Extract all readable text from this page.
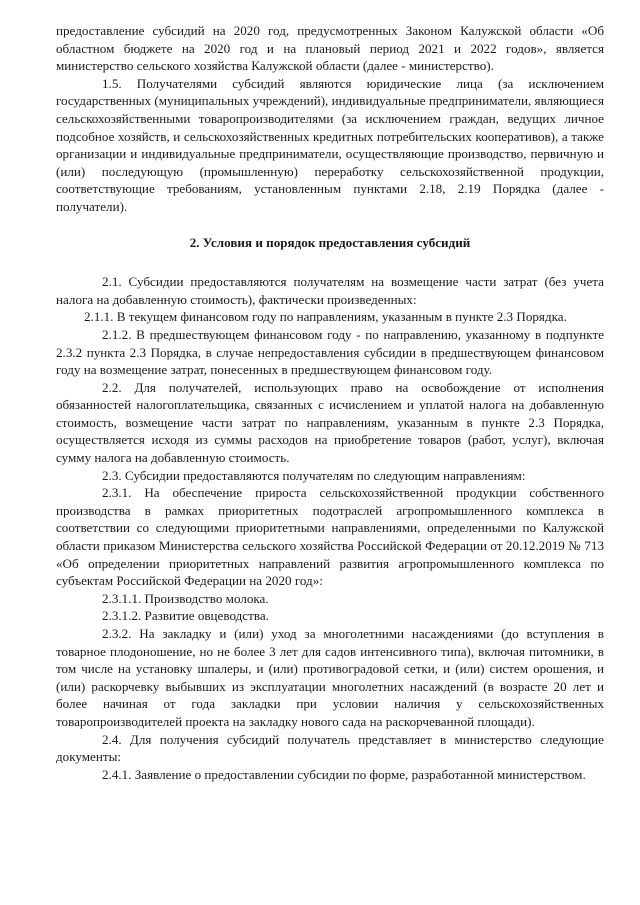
предоставление субсидий на 2020 год, предусмотренных Законом Калужской области «Об областном бюджете на 2020 год и на плановый период 2021 и 2022 годов», является министерство сельского хозяйства Калужской области (далее - министерство).

1.5. Получателями субсидий являются юридические лица (за исключением государственных (муниципальных учреждений), индивидуальные предприниматели, являющиеся сельскохозяйственными товаропроизводителями (за исключением граждан, ведущих личное подсобное хозяйств, и сельскохозяйственных кредитных потребительских кооперативов), а также организации и индивидуальные предприниматели, осуществляющие производство, первичную и (или) последующую (промышленную) переработку сельскохозяйственной продукции, соответствующие требованиям, установленным пунктами 2.18, 2.19 Порядка (далее - получатели).

2. Условия и порядок предоставления субсидий

2.1. Субсидии предоставляются получателям на возмещение части затрат (без учета налога на добавленную стоимость), фактически произведенных:

2.1.1. В текущем финансовом году по направлениям, указанным в пункте 2.3 Порядка.

2.1.2. В предшествующем финансовом году - по направлению, указанному в подпункте 2.3.2 пункта 2.3 Порядка, в случае непредоставления субсидии в предшествующем финансовом году на возмещение затрат, понесенных в предшествующем финансовом году.

2.2. Для получателей, использующих право на освобождение от исполнения обязанностей налогоплательщика, связанных с исчислением и уплатой налога на добавленную стоимость, возмещение части затрат по направлениям, указанным в пункте 2.3 Порядка, осуществляется исходя из суммы расходов на приобретение товаров (работ, услуг), включая сумму налога на добавленную стоимость.

2.3. Субсидии предоставляются получателям по следующим направлениям:

2.3.1. На обеспечение прироста сельскохозяйственной продукции собственного производства в рамках приоритетных подотраслей агропромышленного комплекса в соответствии со следующими приоритетными направлениями, определенными по Калужской области приказом Министерства сельского хозяйства Российской Федерации от 20.12.2019 № 713 «Об определении приоритетных направлений развития агропромышленного комплекса по субъектам Российской Федерации на 2020 год»:

2.3.1.1. Производство молока.

2.3.1.2. Развитие овцеводства.

2.3.2. На закладку и (или) уход за многолетними насаждениями (до вступления в товарное плодоношение, но не более 3 лет для садов интенсивного типа), включая питомники, в том числе на установку шпалеры, и (или) противоградовой сетки, и (или) систем орошения, и (или) раскорчевку выбывших из эксплуатации многолетних насаждений (в возрасте 20 лет и более начиная от года закладки при условии наличия у сельскохозяйственных товаропроизводителей проекта на закладку нового сада на раскорчеванной площади).

2.4. Для получения субсидий получатель представляет в министерство следующие документы:

2.4.1. Заявление о предоставлении субсидии по форме, разработанной министерством.
